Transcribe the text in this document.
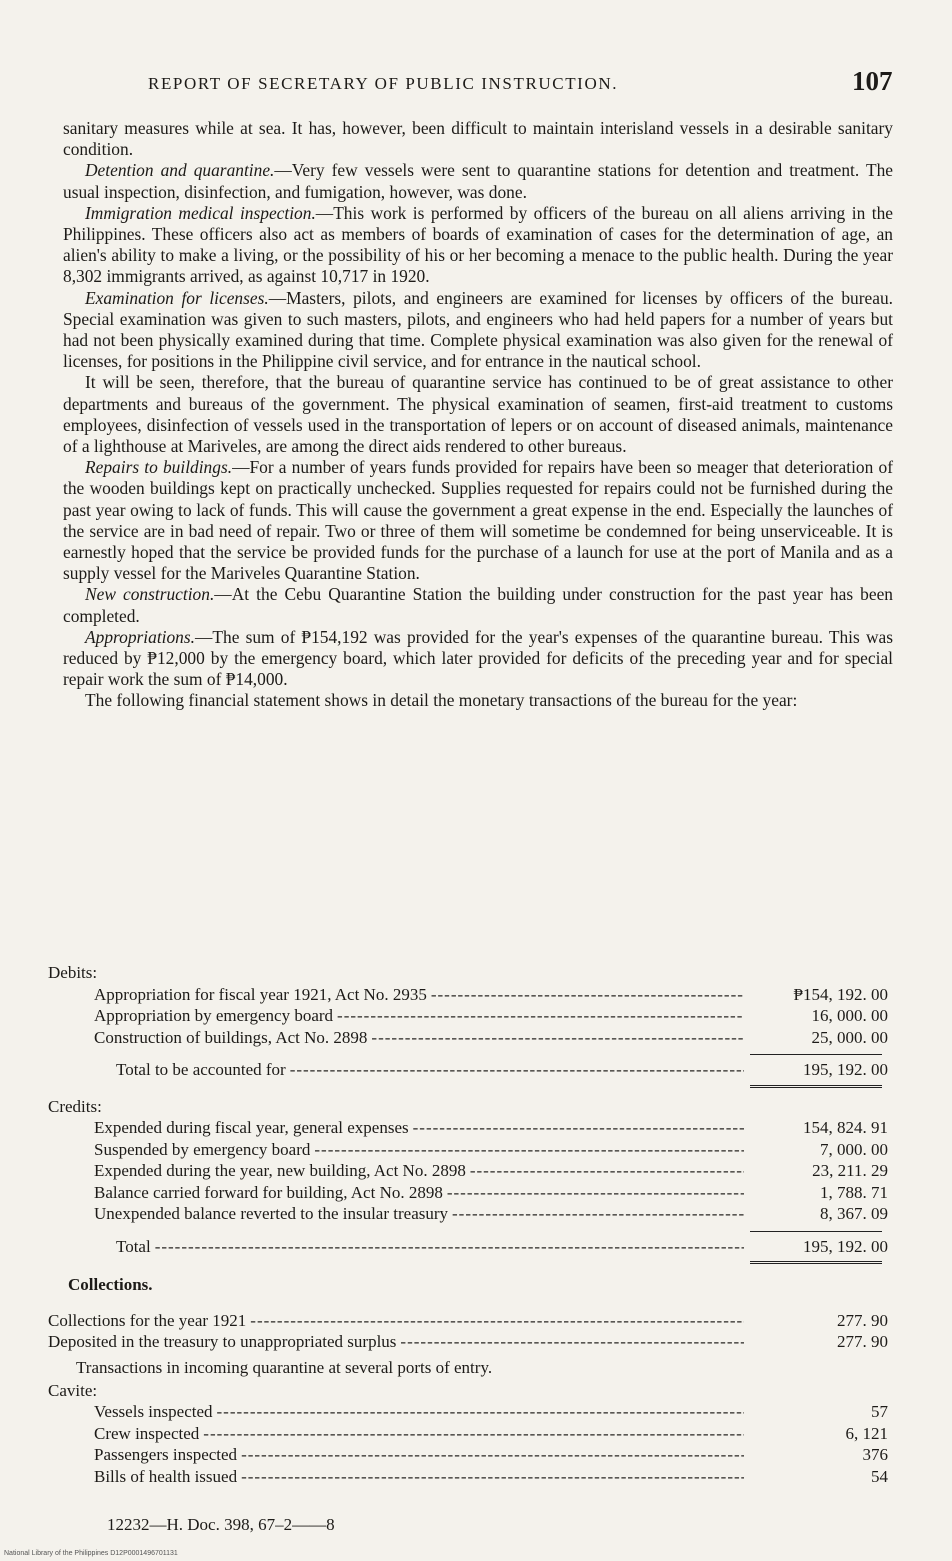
REPORT OF SECRETARY OF PUBLIC INSTRUCTION.	107

sanitary measures while at sea. It has, however, been difficult to maintain interisland vessels in a desirable sanitary condition.

Detention and quarantine.—Very few vessels were sent to quarantine stations for detention and treatment. The usual inspection, disinfection, and fumigation, however, was done.

Immigration medical inspection.—This work is performed by officers of the bureau on all aliens arriving in the Philippines. These officers also act as members of boards of examination of cases for the determination of age, an alien's ability to make a living, or the possibility of his or her becoming a menace to the public health. During the year 8,302 immigrants arrived, as against 10,717 in 1920.

Examination for licenses.—Masters, pilots, and engineers are examined for licenses by officers of the bureau. Special examination was given to such masters, pilots, and engineers who had held papers for a number of years but had not been physically examined during that time. Complete physical examination was also given for the renewal of licenses, for positions in the Philippine civil service, and for entrance in the nautical school.

It will be seen, therefore, that the bureau of quarantine service has continued to be of great assistance to other departments and bureaus of the government. The physical examination of seamen, first-aid treatment to customs employees, disinfection of vessels used in the transportation of lepers or on account of diseased animals, maintenance of a lighthouse at Mariveles, are among the direct aids rendered to other bureaus.

Repairs to buildings.—For a number of years funds provided for repairs have been so meager that deterioration of the wooden buildings kept on practically unchecked. Supplies requested for repairs could not be furnished during the past year owing to lack of funds. This will cause the government a great expense in the end. Especially the launches of the service are in bad need of repair. Two or three of them will sometime be condemned for being unserviceable. It is earnestly hoped that the service be provided funds for the purchase of a launch for use at the port of Manila and as a supply vessel for the Mariveles Quarantine Station.

New construction.—At the Cebu Quarantine Station the building under construction for the past year has been completed.

Appropriations.—The sum of ₱154,192 was provided for the year's expenses of the quarantine bureau. This was reduced by ₱12,000 by the emergency board, which later provided for deficits of the preceding year and for special repair work the sum of ₱14,000.

The following financial statement shows in detail the monetary transactions of the bureau for the year:

Debits:
Appropriation for fiscal year 1921, Act No. 2935 -----	₱154, 192. 00
Appropriation by emergency board -----	16, 000. 00
Construction of buildings, Act No. 2898 -----	25, 000. 00
Total to be accounted for -----	195, 192. 00
Credits:
Expended during fiscal year, general expenses -----	154, 824. 91
Suspended by emergency board -----	7, 000. 00
Expended during the year, new building, Act No. 2898 -----	23, 211. 29
Balance carried forward for building, Act No. 2898 -----	1, 788. 71
Unexpended balance reverted to the insular treasury -----	8, 367. 09
Total -----	195, 192. 00
Collections.
Collections for the year 1921 -----	277. 90
Deposited in the treasury to unappropriated surplus -----	277. 90
Transactions in incoming quarantine at several ports of entry.
Cavite:
Vessels inspected -----	57
Crew inspected -----	6, 121
Passengers inspected -----	376
Bills of health issued -----	54
12232—H. Doc. 398, 67–2——8
National Library of the Philippines D12P0001496701131
